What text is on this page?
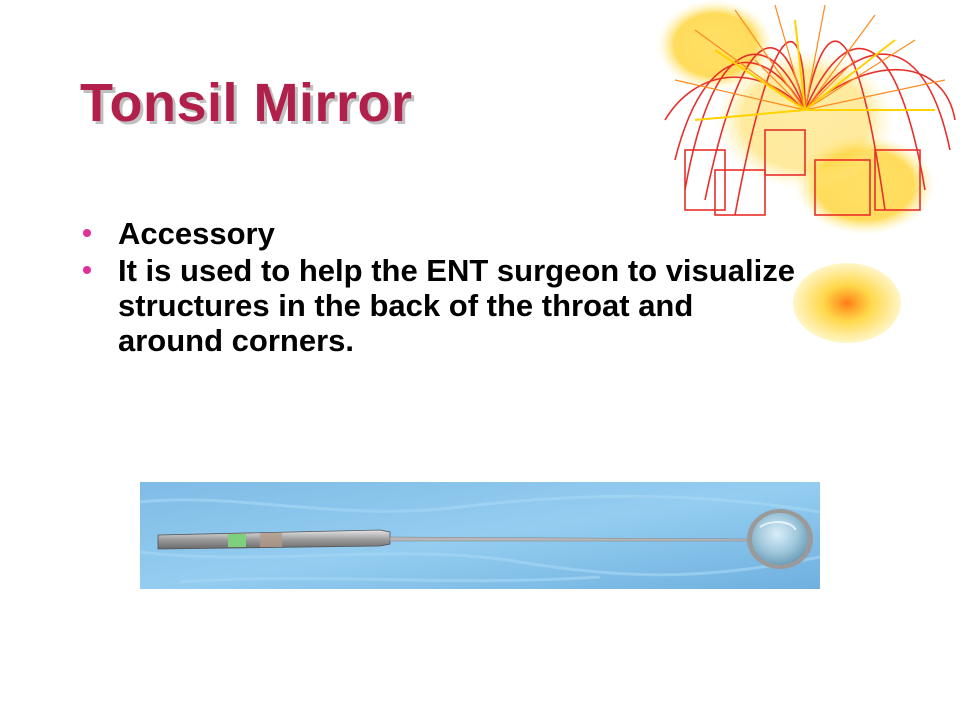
Tonsil Mirror
Accessory
It is used to help the ENT surgeon to visualize structures in the back of the throat and around corners.
